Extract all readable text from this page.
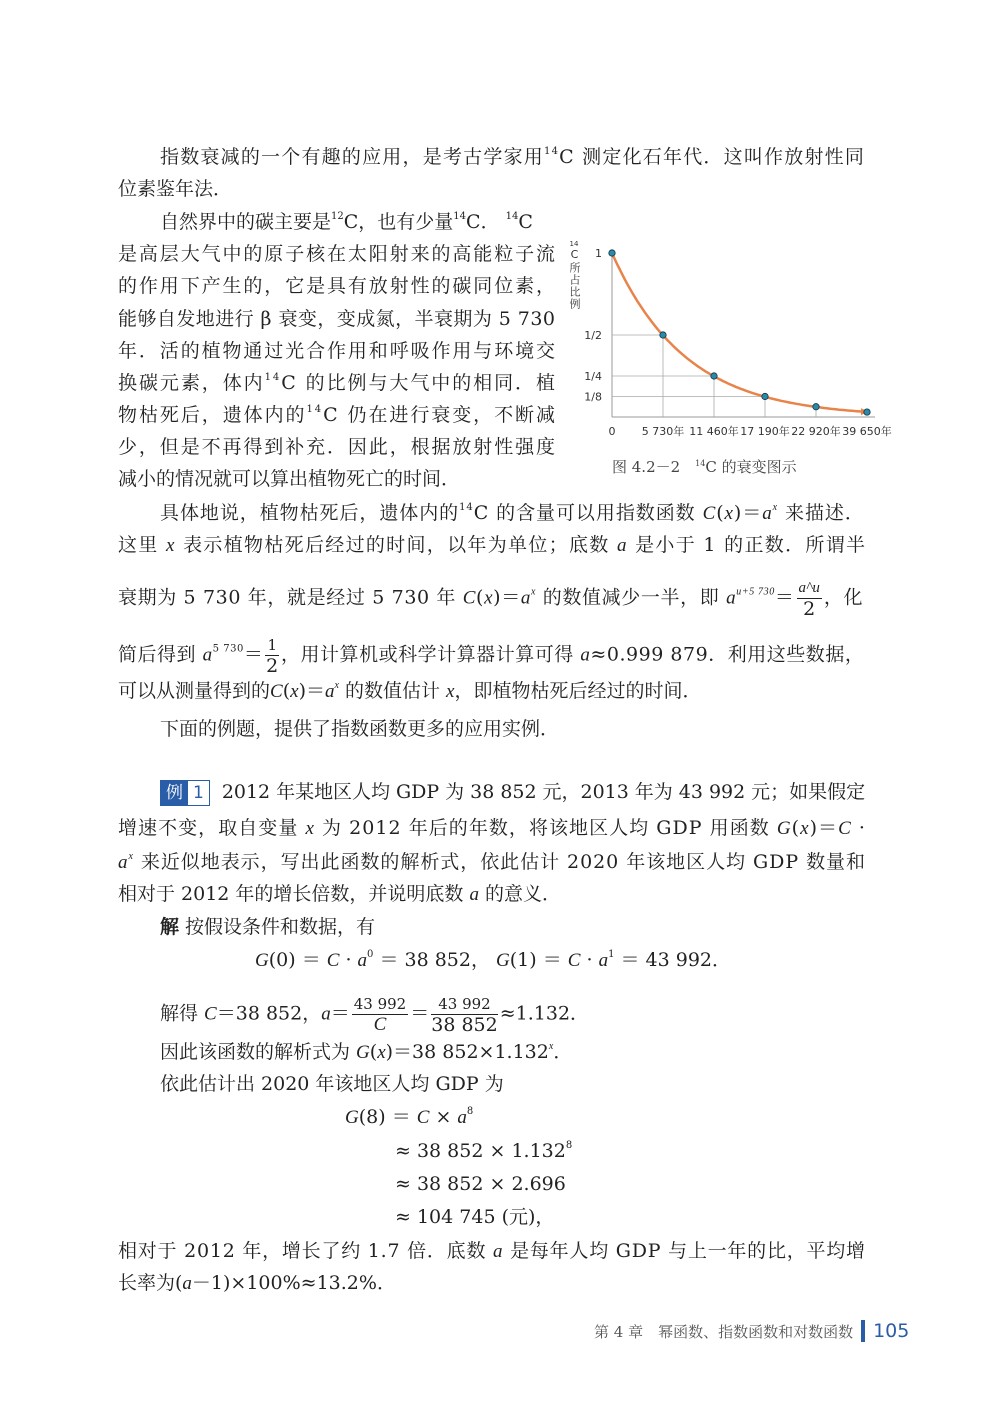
指数衰减的一个有趣的应用，是考古学家用$^{14}$C 测定化石年代．这叫作放射性同
位素鉴年法．
自然界中的碳主要是$^{12}$C，也有少量$^{14}$C． $^{14}$C
是高层大气中的原子核在太阳射来的高能粒子流
的作用下产生的，它是具有放射性的碳同位素，
能够自发地进行 β 衰变，变成氮，半衰期为 5 730
年．活的植物通过光合作用和呼吸作用与环境交
换碳元素，体内$^{14}$C 的比例与大气中的相同．植
物枯死后，遗体内的$^{14}$C 仍在进行衰变，不断减
少，但是不再得到补充．因此，根据放射性强度
减小的情况就可以算出植物死亡的时间．
具体地说，植物枯死后，遗体内的$^{14}$C 的含量可以用指数函数 $C(x)=a^x$ 来描述．
这里 x 表示植物枯死后经过的时间，以年为单位；底数 a 是小于 1 的正数．所谓半
衰期为 5 730 年，就是经过 5 730 年 $C(x)=a^x$ 的数值减少一半，即 $a^{u+5 730}= \frac{a\^{}u}{2}$ ，化
简后得到 $a^{5 730}= \frac{1}{2}$ ，用计算机或科学计算器计算可得 a≈0.999 879．利用这些数据，
可以从测量得到的$C(x)=a^x$ 的数值估计 x，即植物枯死后经过的时间．
下面的例题，提供了指数函数更多的应用实例．
例 1 2012 年某地区人均 GDP 为 38 852 元，2013 年为 43 992 元；如果假定
增速不变，取自变量 x 为 2012 年后的年数，将该地区人均 GDP 用函数 G(x)＝C ·
$a^x$ 来近似地表示，写出此函数的解析式，依此估计 2020 年该地区人均 GDP 数量和
相对于 2012 年的增长倍数，并说明底数 a 的意义．
解 按假设条件和数据，有
$G(0) = C \cdot a^0 = 38$ 852， $G(1) = C \cdot a^1 = 43$ 992．
解得 C＝38 852，$a= \frac{43 992}{C} = \frac{43 992}{38 852} \approx 1.132$．
因此该函数的解析式为 G(x)＝38 $852\times 1.132^x$．
依此估计出 2020 年该地区人均 GDP 为
$G(8) = C \times a^8$
≈ 38 $852 \times 1.132^8$
≈ 38 852 × 2.696
≈ 104 745 (元)，
相对于 2012 年，增长了约 1.7 倍．底数 a 是每年人均 GDP 与上一年的比，平均增
长率为(a－1)×100%≈13.2%．
1
1/2
1/4
1/8
0 5 730年 11 460年 17 190年 22 920年 39 650年
14
C所占比例
图 4.2－2　$^{14}$C 的衰变图示
第 4 章　幂函数、指数函数和对数函数 105
